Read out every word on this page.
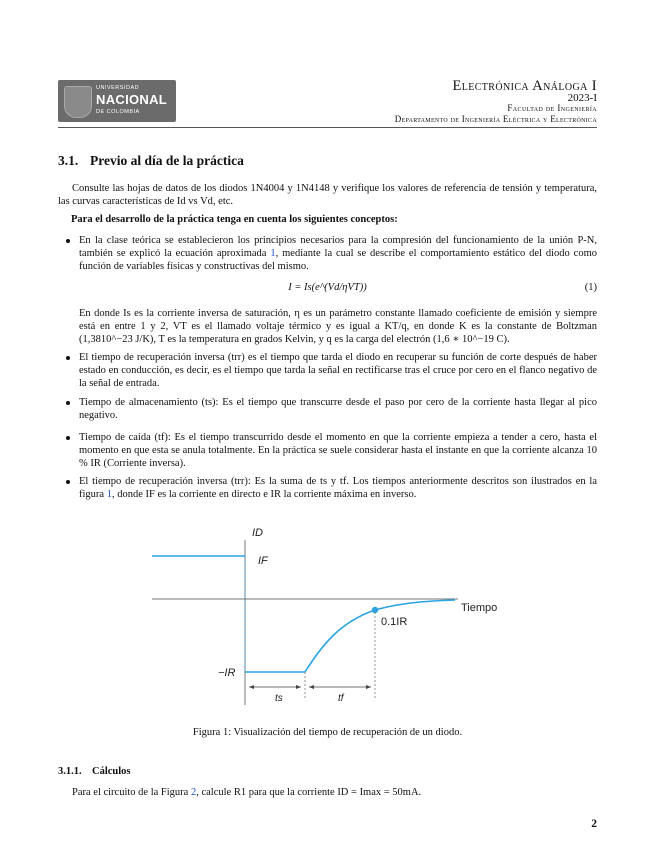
UNIVERSIDAD
NACIONAL
DE COLOMBIA
Electrónica Análoga I
2023-I
Facultad de Ingeniería
Departamento de Ingeniería Eléctrica y Electrónica
3.1. Previo al día de la práctica
Consulte las hojas de datos de los diodos 1N4004 y 1N4148 y verifique los valores de referencia de tensión y temperatura, las curvas características de Id vs Vd, etc.
Para el desarrollo de la práctica tenga en cuenta los siguientes conceptos:
En la clase teórica se establecieron los principios necesarios para la compresión del funcionamiento de la unión P-N, también se explicó la ecuación aproximada 1, mediante la cual se describe el comportamiento estático del diodo como función de variables físicas y constructivas del mismo.
I = Is(e^(Vd/ηVT))	(1)
En donde Is es la corriente inversa de saturación, η es un parámetro constante llamado coeficiente de emisión y siempre está en entre 1 y 2, VT es el llamado voltaje térmico y es igual a KT/q, en donde K es la constante de Boltzman (1,3810^−23 J/K), T es la temperatura en grados Kelvin, y q es la carga del electrón (1,6 ∗ 10^−19 C).
El tiempo de recuperación inversa (trr) es el tiempo que tarda el diodo en recuperar su función de corte después de haber estado en conducción, es decir, es el tiempo que tarda la señal en rectificarse tras el cruce por cero en el flanco negativo de la señal de entrada.
Tiempo de almacenamiento (ts): Es el tiempo que transcurre desde el paso por cero de la corriente hasta llegar al pico negativo.
Tiempo de caída (tf): Es el tiempo transcurrido desde el momento en que la corriente empieza a tender a cero, hasta el momento en que esta se anula totalmente. En la práctica se suele considerar hasta el instante en que la corriente alcanza 10 % IR (Corriente inversa).
El tiempo de recuperación inversa (trr): Es la suma de ts y tf. Los tiempos anteriormente descritos son ilustrados en la figura 1, donde IF es la corriente en directo e IR la corriente máxima en inverso.
ID
IF
−IR
Tiempo
0.1IR
ts	tf
Figura 1: Visualización del tiempo de recuperación de un diodo.
3.1.1. Cálculos
Para el circuito de la Figura 2, calcule R1 para que la corriente ID = Imax = 50mA.
2
